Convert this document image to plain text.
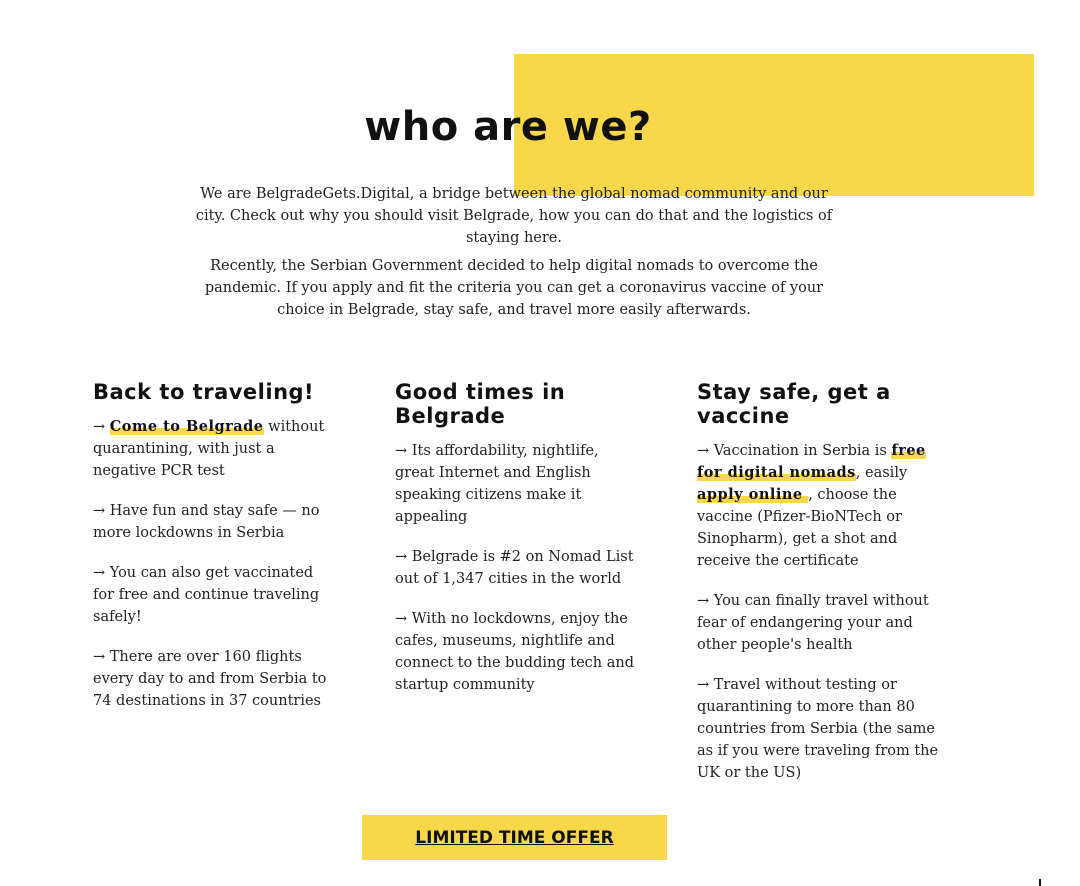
who are we?

We are BelgradeGets.Digital, a bridge between the global nomad community and our city. Check out why you should visit Belgrade, how you can do that and the logistics of staying here.

Recently, the Serbian Government decided to help digital nomads to overcome the pandemic. If you apply and fit the criteria you can get a coronavirus vaccine of your choice in Belgrade, stay safe, and travel more easily afterwards.

Back to traveling!

→ Come to Belgrade without quarantining, with just a negative PCR test

→ Have fun and stay safe — no more lockdowns in Serbia

→ You can also get vaccinated for free and continue traveling safely!

→ There are over 160 flights every day to and from Serbia to 74 destinations in 37 countries

Good times in Belgrade

→ Its affordability, nightlife, great Internet and English speaking citizens make it appealing

→ Belgrade is #2 on Nomad List out of 1,347 cities in the world

→ With no lockdowns, enjoy the cafes, museums, nightlife and connect to the budding tech and startup community

Stay safe, get a vaccine

→ Vaccination in Serbia is free for digital nomads, easily apply online , choose the vaccine (Pfizer-BioNTech or Sinopharm), get a shot and receive the certificate

→ You can finally travel without fear of endangering your and other people's health

→ Travel without testing or quarantining to more than 80 countries from Serbia (the same as if you were traveling from the UK or the US)

LIMITED TIME OFFER
